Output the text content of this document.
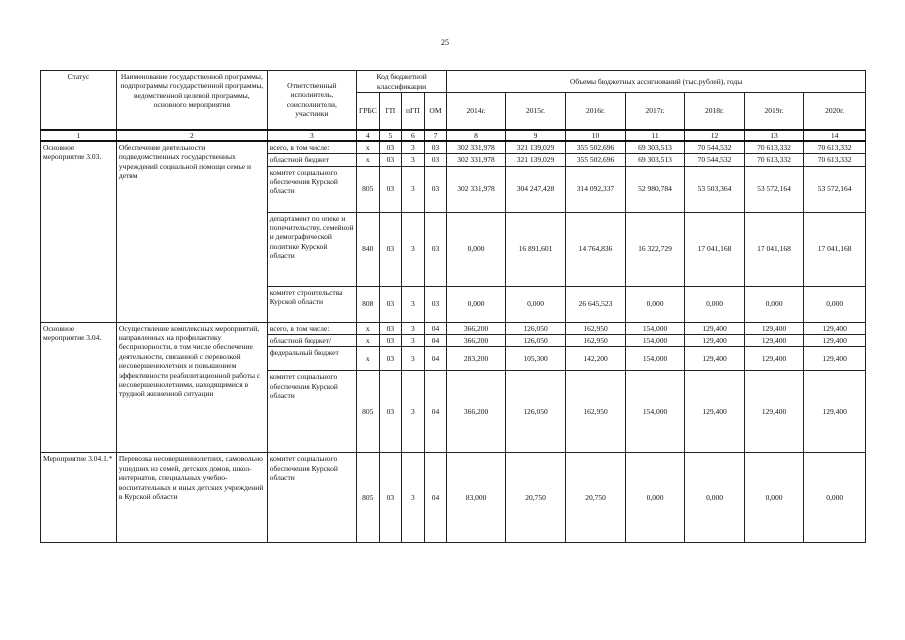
25
Статус	Наименование государственной программы, подпрограммы государственной программы, ведомственной целевой программы, основного мероприятия	Ответственный исполнитель, соисполнители, участники	Код бюджетной классификации				Объемы бюджетных ассигнований (тыс.рублей), годы						
			ГРБС	ГП	пГП	ОМ	2014г.	2015г.	2016г.	2017г.	2018г.	2019г.	2020г.
1	2	3	4	5	6	7	8	9	10	11	12	13	14
Основное мероприятие 3.03.	Обеспечение деятельности подведомственных государственных учреждений социальной помощи семье и детям	всего, в том числе:	x	03	3	03	302 331,978	321 139,029	355 502,696	69 303,513	70 544,532	70 613,332	70 613,332
		областной бюджет	x	03	3	03	302 331,978	321 139,029	355 502,696	69 303,513	70 544,532	70 613,332	70 613,332
		комитет социального обеспечения Курской области	805	03	3	03	302 331,978	304 247,428	314 092,337	52 980,784	53 503,364	53 572,164	53 572,164
		департамент по опеке и попечительству, семейной и демографической политике Курской области	840	03	3	03	0,000	16 891,601	14 764,836	16 322,729	17 041,168	17 041,168	17 041,168
		комитет строительства Курской области	808	03	3	03	0,000	0,000	26 645,523	0,000	0,000	0,000	0,000
Основное мероприятие 3.04.	Осуществление комплексных мероприятий, направленных на профилактику беспризорности, в том числе обеспечение деятельности, связанной с перевозкой несовершеннолетних и повышением эффективности реабилитационной работы с несовершеннолетними, находящимися в трудной жизненной ситуации	всего, в том числе:	x	03	3	04	366,200	126,050	162,950	154,000	129,400	129,400	129,400
		областной бюджет/	x	03	3	04	366,200	126,050	162,950	154,000	129,400	129,400	129,400
		федеральный бюджет	x	03	3	04	283,200	105,300	142,200	154,000	129,400	129,400	129,400
		комитет социального обеспечения Курской области	805	03	3	04	366,200	126,050	162,950	154,000	129,400	129,400	129,400
Мероприятие 3.04.1.*	Перевозка несовершеннолетних, самовольно ушедших из семей, детских домов, школ-интернатов, специальных учебно-воспитательных и иных детских учреждений в Курской области	комитет социального обеспечения Курской области	805	03	3	04	83,000	20,750	20,750	0,000	0,000	0,000	0,000
